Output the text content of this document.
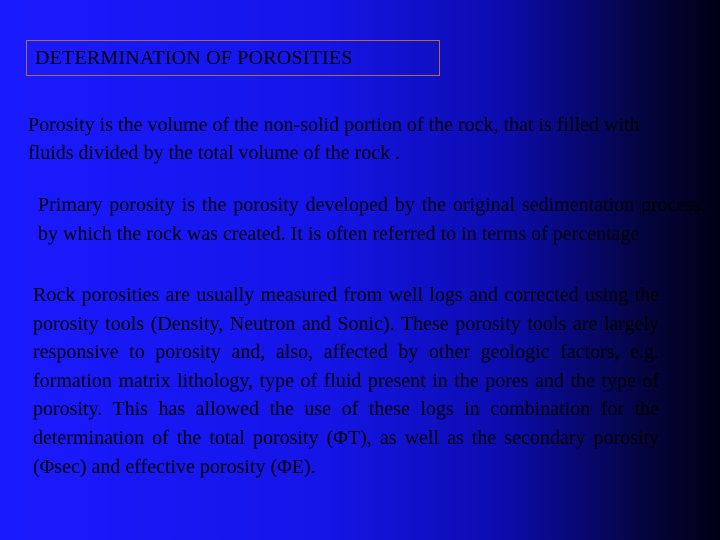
DETERMINATION OF POROSITIES

Porosity is the volume of the non-solid portion of the rock, that is filled with fluids divided by the total volume of the rock .

Primary porosity is the porosity developed by the original sedimentation process, by which the rock was created. It is often referred to in terms of percentage

Rock porosities are usually measured from well logs and corrected using the porosity tools (Density, Neutron and Sonic). These porosity tools are largely responsive to porosity and, also, affected by other geologic factors, e.g. formation matrix lithology, type of fluid present in the pores and the type of porosity. This has allowed the use of these logs in combination for the determination of the total porosity (ΦT), as well as the secondary porosity (Φsec) and effective porosity (ΦE).
